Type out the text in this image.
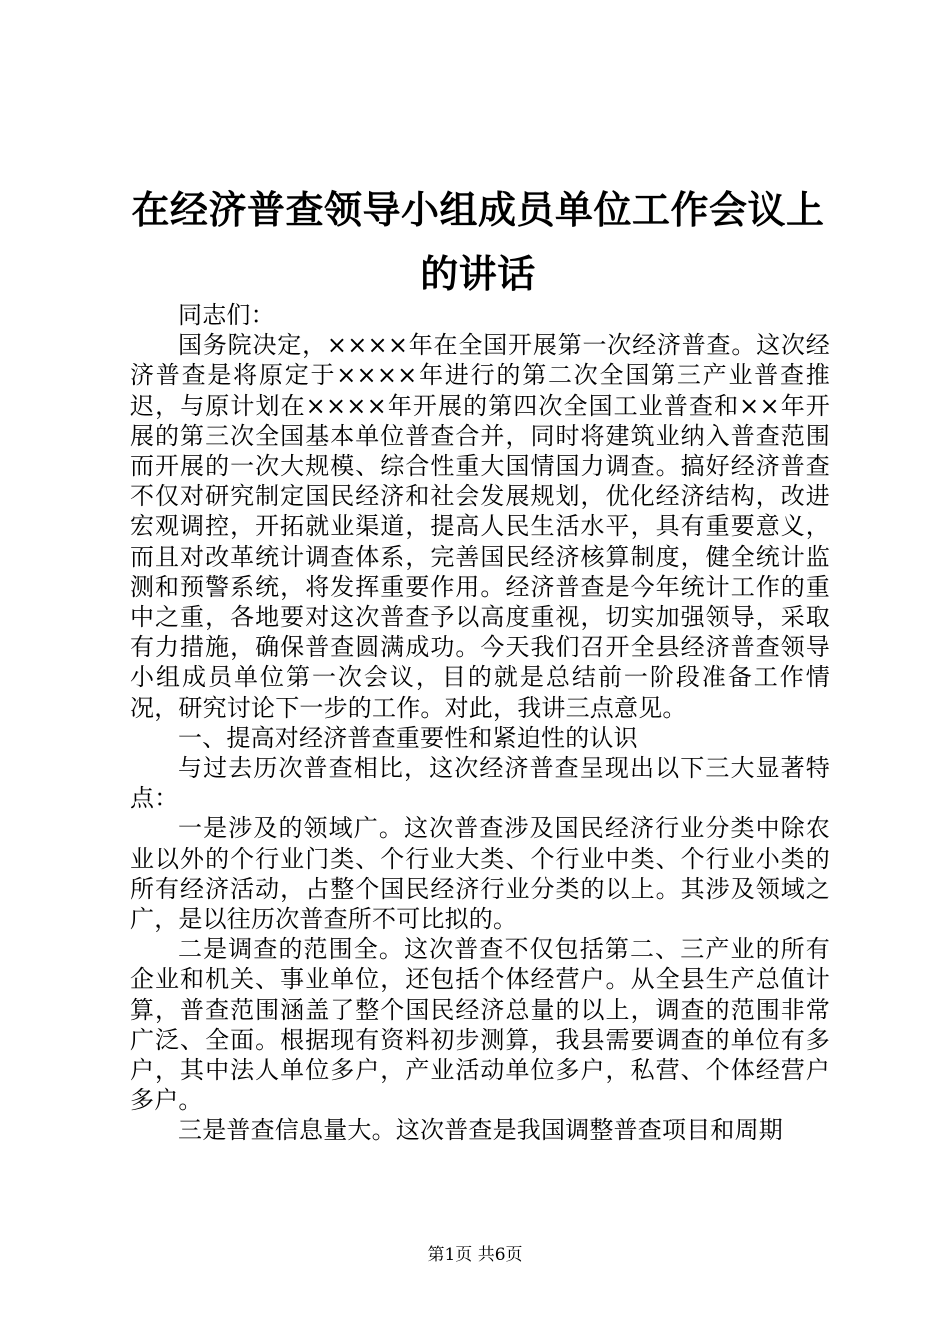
在经济普查领导小组成员单位工作会议上的讲话

同志们：

国务院决定，××××年在全国开展第一次经济普查。这次经济普查是将原定于××××年进行的第二次全国第三产业普查推迟，与原计划在××××年开展的第四次全国工业普查和××年开展的第三次全国基本单位普查合并，同时将建筑业纳入普查范围而开展的一次大规模、综合性重大国情国力调查。搞好经济普查不仅对研究制定国民经济和社会发展规划，优化经济结构，改进宏观调控，开拓就业渠道，提高人民生活水平，具有重要意义，而且对改革统计调查体系，完善国民经济核算制度，健全统计监测和预警系统，将发挥重要作用。经济普查是今年统计工作的重中之重，各地要对这次普查予以高度重视，切实加强领导，采取有力措施，确保普查圆满成功。今天我们召开全县经济普查领导小组成员单位第一次会议，目的就是总结前一阶段准备工作情况，研究讨论下一步的工作。对此，我讲三点意见。

一、提高对经济普查重要性和紧迫性的认识

与过去历次普查相比，这次经济普查呈现出以下三大显著特点：

一是涉及的领域广。这次普查涉及国民经济行业分类中除农业以外的个行业门类、个行业大类、个行业中类、个行业小类的所有经济活动，占整个国民经济行业分类的以上。其涉及领域之广，是以往历次普查所不可比拟的。

二是调查的范围全。这次普查不仅包括第二、三产业的所有企业和机关、事业单位，还包括个体经营户。从全县生产总值计算，普查范围涵盖了整个国民经济总量的以上，调查的范围非常广泛、全面。根据现有资料初步测算，我县需要调查的单位有多户，其中法人单位多户，产业活动单位多户，私营、个体经营户多户。

三是普查信息量大。这次普查是我国调整普查项目和周期

第1页 共6页
